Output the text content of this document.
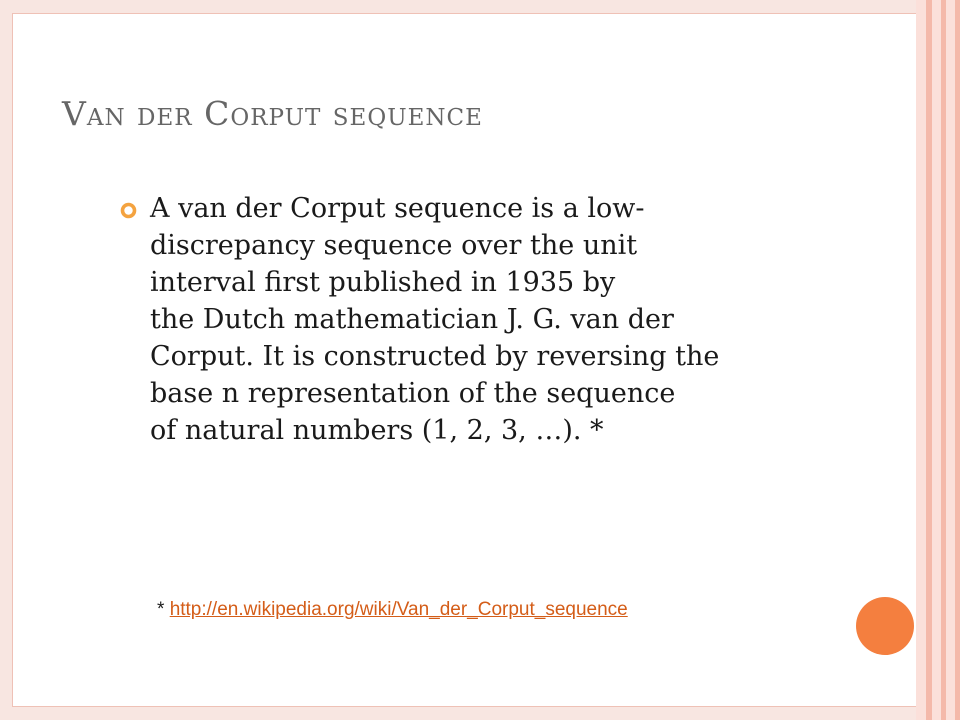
Van der Corput sequence
A van der Corput sequence is a low-
discrepancy sequence over the unit
interval first published in 1935 by
the Dutch mathematician J. G. van der
Corput. It is constructed by reversing the
base n representation of the sequence
of natural numbers (1, 2, 3, …). *
* http://en.wikipedia.org/wiki/Van_der_Corput_sequence
